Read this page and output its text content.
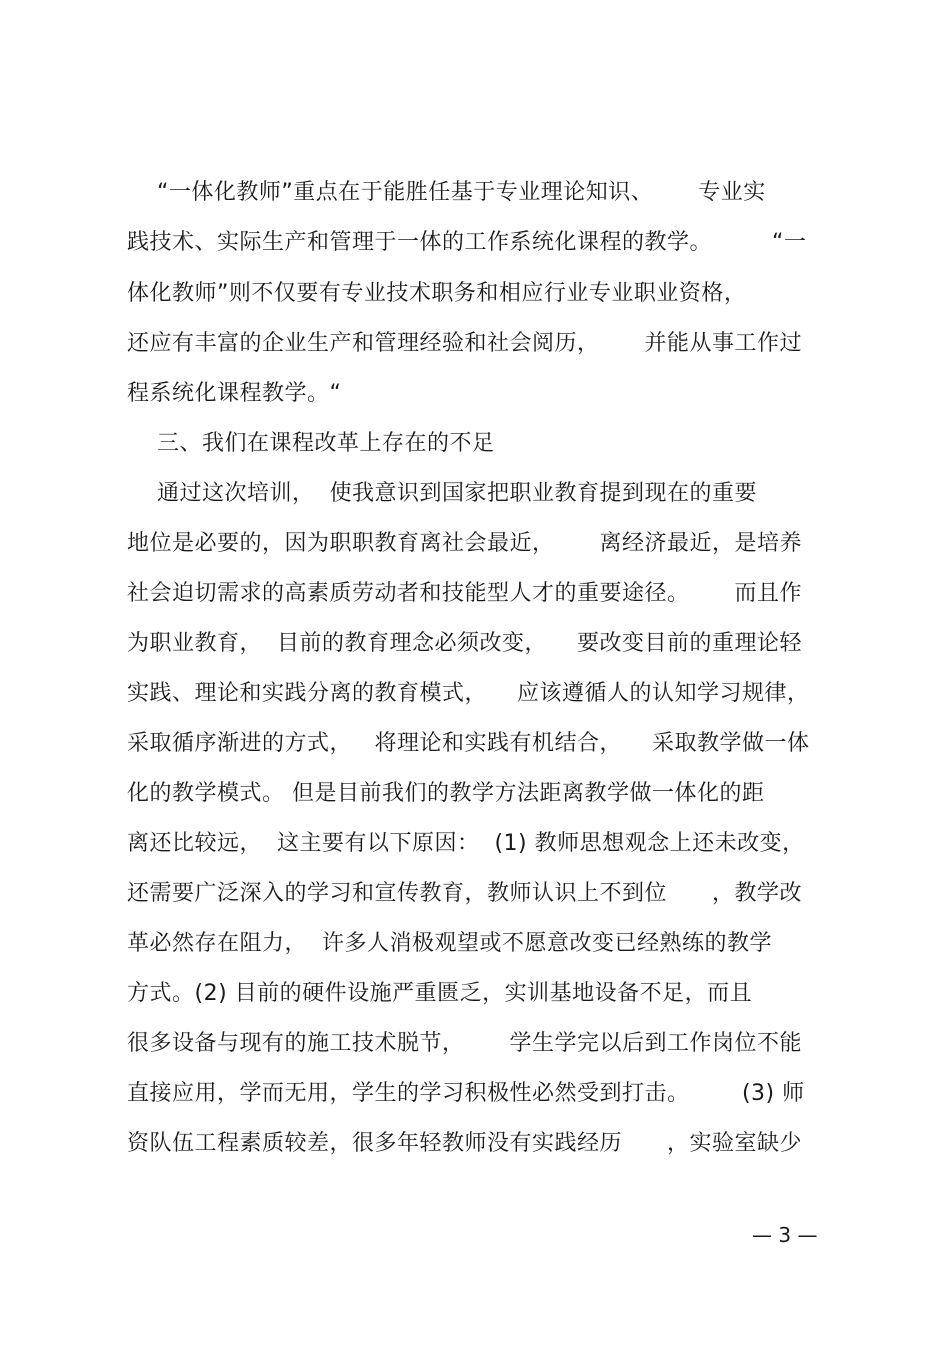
“一体化教师”重点在于能胜任基于专业理论知识、      专业实
践技术、实际生产和管理于一体的工作系统化课程的教学。        “一
体化教师”则不仅要有专业技术职务和相应行业专业职业资格，
还应有丰富的企业生产和管理经验和社会阅历，      并能从事工作过
程系统化课程教学。“
三、我们在课程改革上存在的不足
通过这次培训，  使我意识到国家把职业教育提到现在的重要
地位是必要的，因为职职教育离社会最近，      离经济最近，是培养
社会迫切需求的高素质劳动者和技能型人才的重要途径。      而且作
为职业教育，  目前的教育理念必须改变，    要改变目前的重理论轻
实践、理论和实践分离的教育模式，    应该遵循人的认知学习规律，
采取循序渐进的方式，   将理论和实践有机结合，    采取教学做一体
化的教学模式。 但是目前我们的教学方法距离教学做一体化的距
离还比较远，  这主要有以下原因：  (1) 教师思想观念上还未改变，
还需要广泛深入的学习和宣传教育，教师认识上不到位      ，教学改
革必然存在阻力，  许多人消极观望或不愿意改变已经熟练的教学
方式。(2) 目前的硬件设施严重匮乏，实训基地设备不足，而且
很多设备与现有的施工技术脱节，      学生学完以后到工作岗位不能
直接应用，学而无用，学生的学习积极性必然受到打击。       (3) 师
资队伍工程素质较差，很多年轻教师没有实践经历      ，实验室缺少
— 3 —
